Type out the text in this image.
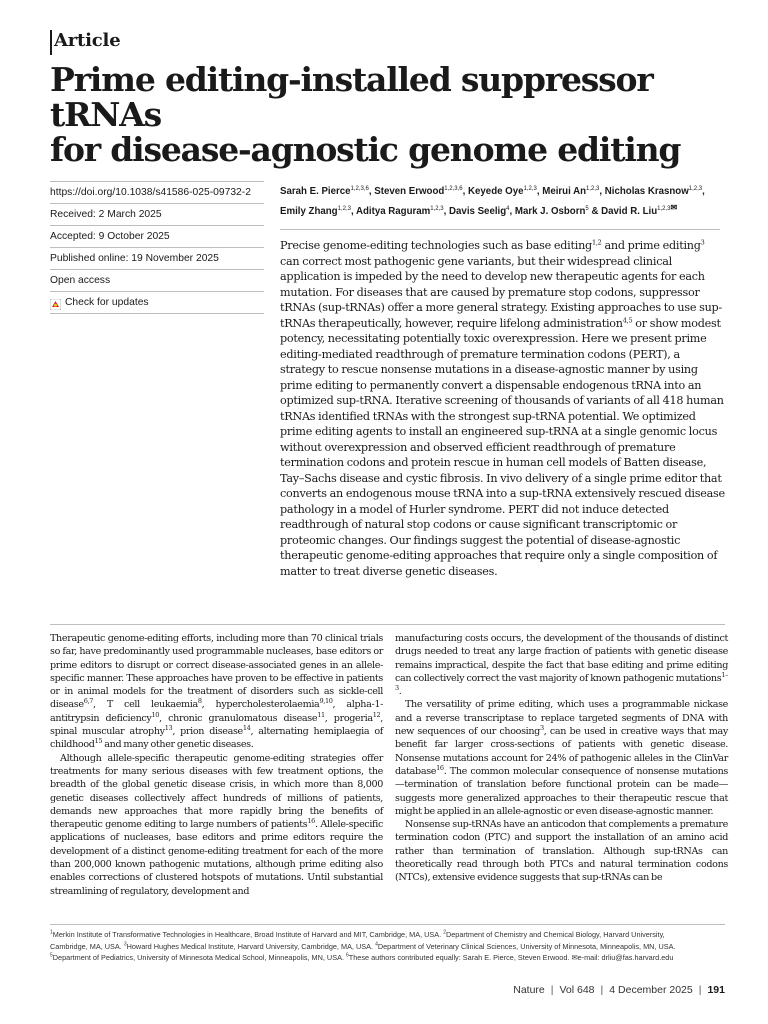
Article
Prime editing-installed suppressor tRNAs
for disease-agnostic genome editing
https://doi.org/10.1038/s41586-025-09732-2
Received: 2 March 2025
Accepted: 9 October 2025
Published online: 19 November 2025
Open access
Check for updates
Sarah E. Pierce$^{1,2,3,6}$, Steven Erwood$^{1,2,3,6}$, Keyede Oye$^{1,2,3}$, Meirui An$^{1,2,3}$, Nicholas Krasnow$^{1,2,3}$, Emily Zhang$^{1,2,3}$, Aditya Raguram$^{1,2,3}$, Davis Seelig$^4$, Mark J. Osborn$^5$ & David R. Liu$^{1,2,3✉}$
Precise genome-editing technologies such as base editing$^{1,2}$ and prime editing$^3$ can correct most pathogenic gene variants, but their widespread clinical application is impeded by the need to develop new therapeutic agents for each mutation. For diseases that are caused by premature stop codons, suppressor tRNAs (sup-tRNAs) offer a more general strategy. Existing approaches to use sup-tRNAs therapeutically, however, require lifelong administration$^{4,5}$ or show modest potency, necessitating potentially toxic overexpression. Here we present prime editing-mediated readthrough of premature termination codons (PERT), a strategy to rescue nonsense mutations in a disease-agnostic manner by using prime editing to permanently convert a dispensable endogenous tRNA into an optimized sup-tRNA. Iterative screening of thousands of variants of all 418 human tRNAs identified tRNAs with the strongest sup-tRNA potential. We optimized prime editing agents to install an engineered sup-tRNA at a single genomic locus without overexpression and observed efficient readthrough of premature termination codons and protein rescue in human cell models of Batten disease, Tay–Sachs disease and cystic fibrosis. In vivo delivery of a single prime editor that converts an endogenous mouse tRNA into a sup-tRNA extensively rescued disease pathology in a model of Hurler syndrome. PERT did not induce detected readthrough of natural stop codons or cause significant transcriptomic or proteomic changes. Our findings suggest the potential of disease-agnostic therapeutic genome-editing approaches that require only a single composition of matter to treat diverse genetic diseases.

Therapeutic genome-editing efforts, including more than 70 clinical trials so far, have predominantly used programmable nucleases, base editors or prime editors to disrupt or correct disease-associated genes in an allele-specific manner. These approaches have proven to be effective in patients or in animal models for the treatment of disorders such as sickle-cell disease$^{6,7}$, T cell leukaemia$^8$, hypercholesterolaemia$^{9,10}$, alpha-1-antitrypsin deficiency$^{10}$, chronic granulomatous disease$^{11}$, progeria$^{12}$, spinal muscular atrophy$^{13}$, prion disease$^{14}$, alternating hemiplaegia of childhood$^{15}$ and many other genetic diseases.

Although allele-specific therapeutic genome-editing strategies offer treatments for many serious diseases with few treatment options, the breadth of the global genetic disease crisis, in which more than 8,000 genetic diseases collectively affect hundreds of millions of patients, demands new approaches that more rapidly bring the benefits of therapeutic genome editing to large numbers of patients$^{16}$. Allele-specific applications of nucleases, base editors and prime editors require the development of a distinct genome-editing treatment for each of the more than 200,000 known pathogenic mutations, although prime editing also enables corrections of clustered hotspots of mutations. Until substantial streamlining of regulatory, development and

manufacturing costs occurs, the development of the thousands of distinct drugs needed to treat any large fraction of patients with genetic disease remains impractical, despite the fact that base editing and prime editing can collectively correct the vast majority of known pathogenic mutations$^{1-3}$.

The versatility of prime editing, which uses a programmable nickase and a reverse transcriptase to replace targeted segments of DNA with new sequences of our choosing$^3$, can be used in creative ways that may benefit far larger cross-sections of patients with genetic disease. Nonsense mutations account for 24% of pathogenic alleles in the ClinVar database$^{16}$. The common molecular consequence of nonsense mutations—termination of translation before functional protein can be made—suggests more generalized approaches to their therapeutic rescue that might be applied in an allele-agnostic or even disease-agnostic manner.

Nonsense sup-tRNAs have an anticodon that complements a premature termination codon (PTC) and support the installation of an amino acid rather than termination of translation. Although sup-tRNAs can theoretically read through both PTCs and natural termination codons (NTCs), extensive evidence suggests that sup-tRNAs can be

$^1$Merkin Institute of Transformative Technologies in Healthcare, Broad Institute of Harvard and MIT, Cambridge, MA, USA. $^2$Department of Chemistry and Chemical Biology, Harvard University,
Cambridge, MA, USA. $^3$Howard Hughes Medical Institute, Harvard University, Cambridge, MA, USA. $^4$Department of Veterinary Clinical Sciences, University of Minnesota, Minneapolis, MN, USA.
$^5$Department of Pediatrics, University of Minnesota Medical School, Minneapolis, MN, USA. $^6$These authors contributed equally: Sarah E. Pierce, Steven Erwood. ✉e-mail: drliu@fas.harvard.edu
Nature | Vol 648 | 4 December 2025 | 191
